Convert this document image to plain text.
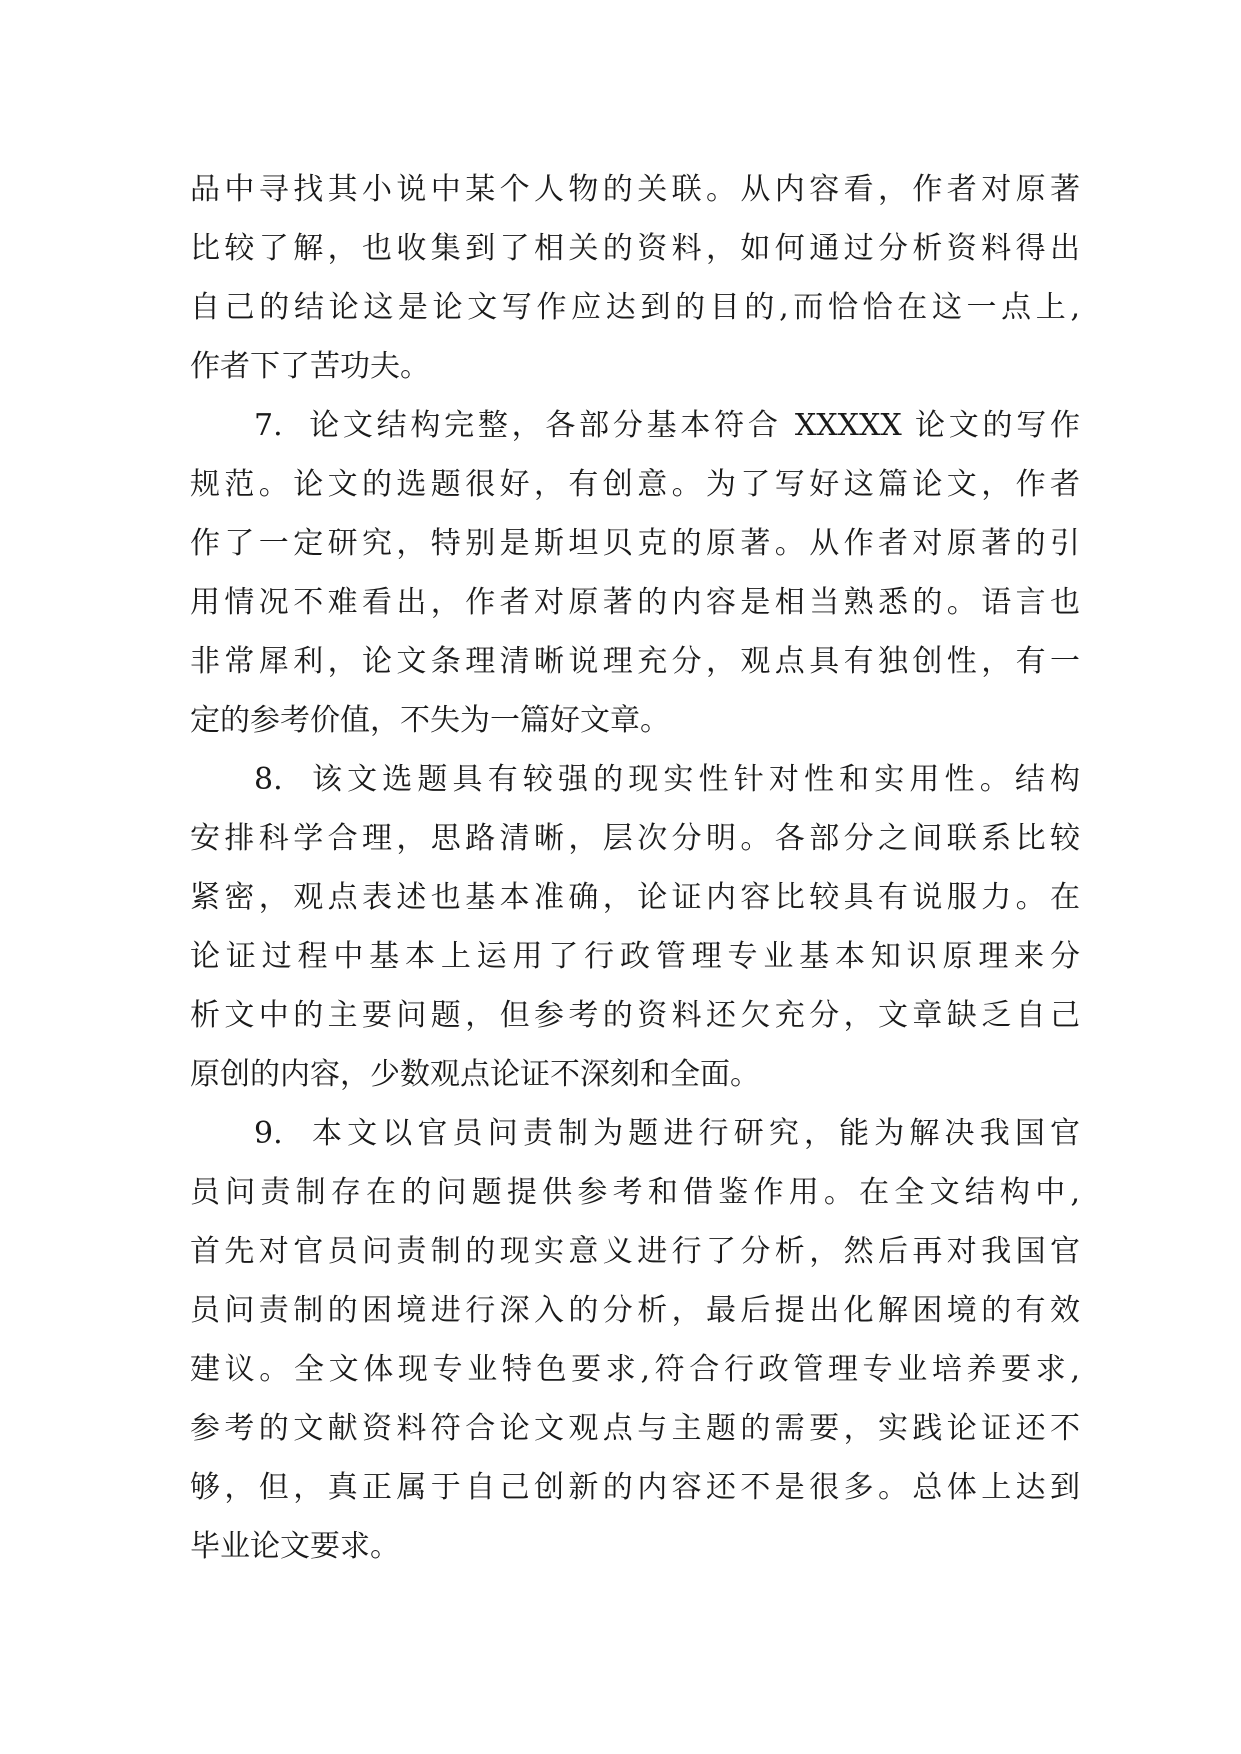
品中寻找其小说中某个人物的关联。从内容看，作者对原著
比较了解，也收集到了相关的资料，如何通过分析资料得出
自己的结论这是论文写作应达到的目的,而恰恰在这一点上,
作者下了苦功夫。
7.  论文结构完整，各部分基本符合 XXXXX 论文的写作
规范。论文的选题很好，有创意。为了写好这篇论文，作者
作了一定研究，特别是斯坦贝克的原著。从作者对原著的引
用情况不难看出，作者对原著的内容是相当熟悉的。语言也
非常犀利，论文条理清晰说理充分，观点具有独创性，有一
定的参考价值，不失为一篇好文章。
8.  该文选题具有较强的现实性针对性和实用性。结构
安排科学合理，思路清晰，层次分明。各部分之间联系比较
紧密，观点表述也基本准确，论证内容比较具有说服力。在
论证过程中基本上运用了行政管理专业基本知识原理来分
析文中的主要问题，但参考的资料还欠充分，文章缺乏自己
原创的内容，少数观点论证不深刻和全面。
9.  本文以官员问责制为题进行研究，能为解决我国官
员问责制存在的问题提供参考和借鉴作用。在全文结构中,
首先对官员问责制的现实意义进行了分析，然后再对我国官
员问责制的困境进行深入的分析，最后提出化解困境的有效
建议。全文体现专业特色要求,符合行政管理专业培养要求,
参考的文献资料符合论文观点与主题的需要，实践论证还不
够，但，真正属于自己创新的内容还不是很多。总体上达到
毕业论文要求。
